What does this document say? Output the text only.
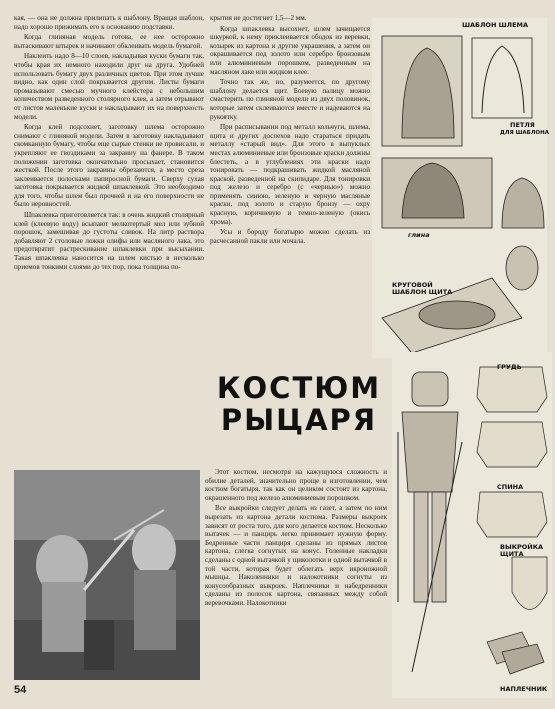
кая, — она не должна прилипать к шаблону. Вращая шаблон, надо хорошо прижимать его к основанию подставки.

Когда глиняная модель готова, ее нее осторожно вытаскивают штырек и начинают обклеивать модель бумагой.

Наклеить надо 8—10 слоев, накладывая куски бумаги так, чтобы края их немного находили друг на друга. Удобней использовать бумагу двух различных цветов. При этом лучше видно, как один слой покрывается другим. Листы бумаги промазывают смесью мучного клейстера с небольшим количеством разведенного столярного клея, а затем отрывают от листов маленькие куски и накладывают их на поверхность модели.

Когда клей подсохнет, заготовку шлема осторожно снимают с глиняной модели. Затем в заготовку накладывают скомканную бумагу, чтобы еще сырые стенки не провисали, и укрепляют ее гвоздиками за закраину на фанере. В таком положении заготовка окончательно просыхает, становится жесткой. После этого закраины обрезаются, а место среза заклеивается полосками папиросной бумаги. Сверху сухая заготовка покрывается жидкой шпаклевкой. Это необходимо для того, чтобы шлем был прочней и на его поверхности не было неровностей.

Шпаклевка приготовляется так: в очень жидкий столярный клей (клеевую воду) всыпают мелкотертый мел или зубной порошок, замешивая до густоты сливок. На литр раствора добавляют 2 столовые ложки олифы или масляного лака, это предотвратит растрескивание шпаклевки при высыхании. Такая шпаклевка наносится на шлем кистью в несколько приемов тонкими слоями до тех пор, пока толщина по-

крытия не достигнет 1,5—2 мм.

Когда шпаклевка высохнет, шлем зачищается шкуркой, к нему приклеивается ободок из веревки, козырек из картона и другие украшения, а затем он окрашивается под золото или серебро бронзовым или алюминиевым порошком, разведенным на масляном лаке или жидком клее.

Точно так же, но, разумеется, по другому шаблону делается щит. Боевую палицу можно смастерить по глиняной модели из двух половинок, которые затем склеиваются вместе и надеваются на рукоятку.

При расписывании под металл кольчуги, шлема, щита и других доспехов надо стараться придать металлу «старый вид». Для этого в выпуклых местах алюминиевые или бронзовые краски должны блестеть, а в углублениях эти краски надо тонировать — подкрашивать жидкой масляной краской, разведенной на скипидаре. Для тонировки под железо и серебро (с «чернью») можно применять синюю, зеленую и черную масляные краски, под золото и старую бронзу — охру красную, коричневую и темно-зеленую (окись хрома).

Усы и бороду богатырю можно сделать из расчесанной пакли или мочала.

КОСТЮМ
РЫЦАРЯ

Этот костюм, несмотря на кажущуюся сложность и обилие деталей, значительно проще в изготовлении, чем костюм богатыря, так как он целиком состоит из картона, окрашенного под железо алюминиевым порошком.

Все выкройки следует делать из газет, а затем по ним вырезать из картона детали костюма. Размеры выкроек зависят от роста того, для кого делается костюм. Несколько вытачек — и панцирь легко принимает нужную форму. Бедренные части панциря сделаны из прямых листов картона, слегка согнутых на конус. Голенные накладки сделаны с одной вытачкой у щиколотки и одной вытачкой в той части, которая будет облегать верх икроножной мышцы. Наколенники и налокотники согнуты из конусообразных выкроек. Наплечники и набедренники сделаны из полосок картона, связанных между собой веревочками. Налокотники

ШАБЛОН ШЛЕМА
ПЕТЛЯ
ДЛЯ ШАБЛОНА
глина
КРУГОВОЙ ШАБЛОН ЩИТА
ГРУДЬ
СПИНА
ВЫКРОЙКА ЩИТА
НАПЛЕЧНИК
54
